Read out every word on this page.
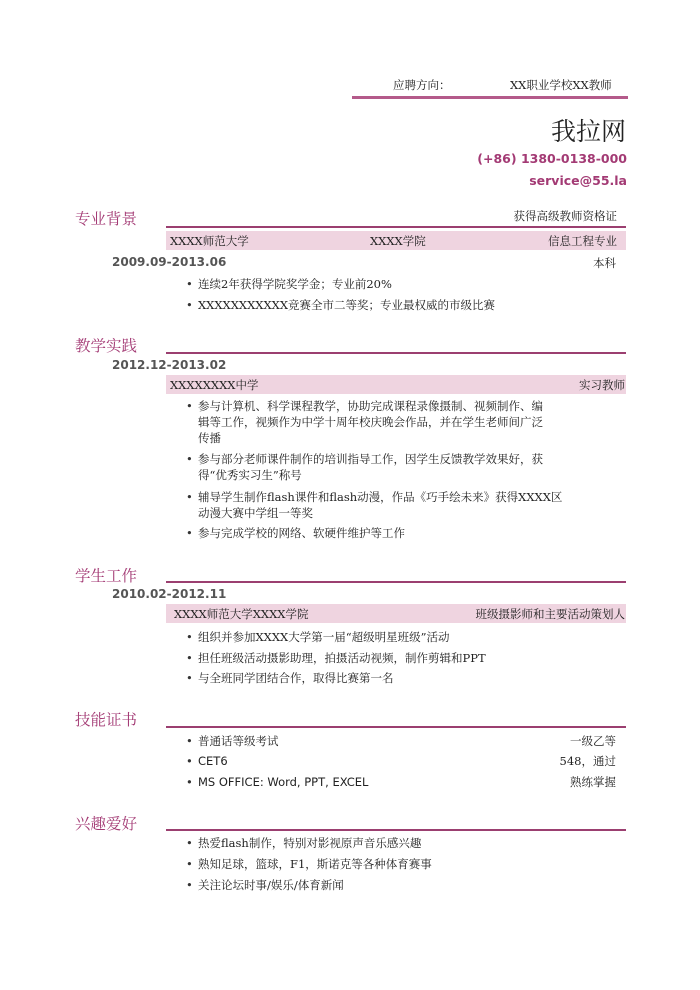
应聘方向：	XX职业学校XX教师
我拉网
(+86) 1380-0138-000
service@55.la
专业背景	获得高级教师资格证
XXXX师范大学	XXXX学院	信息工程专业
2009.09-2013.06	本科
• 连续2年获得学院奖学金；专业前20%
• XXXXXXXXXXX竞赛全市二等奖；专业最权威的市级比赛
教学实践
2012.12-2013.02
XXXXXXXX中学	实习教师
• 参与计算机、科学课程教学，协助完成课程录像摄制、视频制作、编
辑等工作，视频作为中学十周年校庆晚会作品，并在学生老师间广泛
传播
• 参与部分老师课件制作的培训指导工作，因学生反馈教学效果好，获
得“优秀实习生”称号
• 辅导学生制作flash课件和flash动漫，作品《巧手绘未来》获得XXXX区
动漫大赛中学组一等奖
• 参与完成学校的网络、软硬件维护等工作
学生工作
2010.02-2012.11
XXXX师范大学XXXX学院	班级摄影师和主要活动策划人
• 组织并参加XXXX大学第一届“超级明星班级”活动
• 担任班级活动摄影助理，拍摄活动视频，制作剪辑和PPT
• 与全班同学团结合作，取得比赛第一名
技能证书
• 普通话等级考试	一级乙等
• CET6	548，通过
• MS OFFICE: Word, PPT, EXCEL	熟练掌握
兴趣爱好
• 热爱flash制作，特别对影视原声音乐感兴趣
• 熟知足球，篮球，F1，斯诺克等各种体育赛事
• 关注论坛时事/娱乐/体育新闻
